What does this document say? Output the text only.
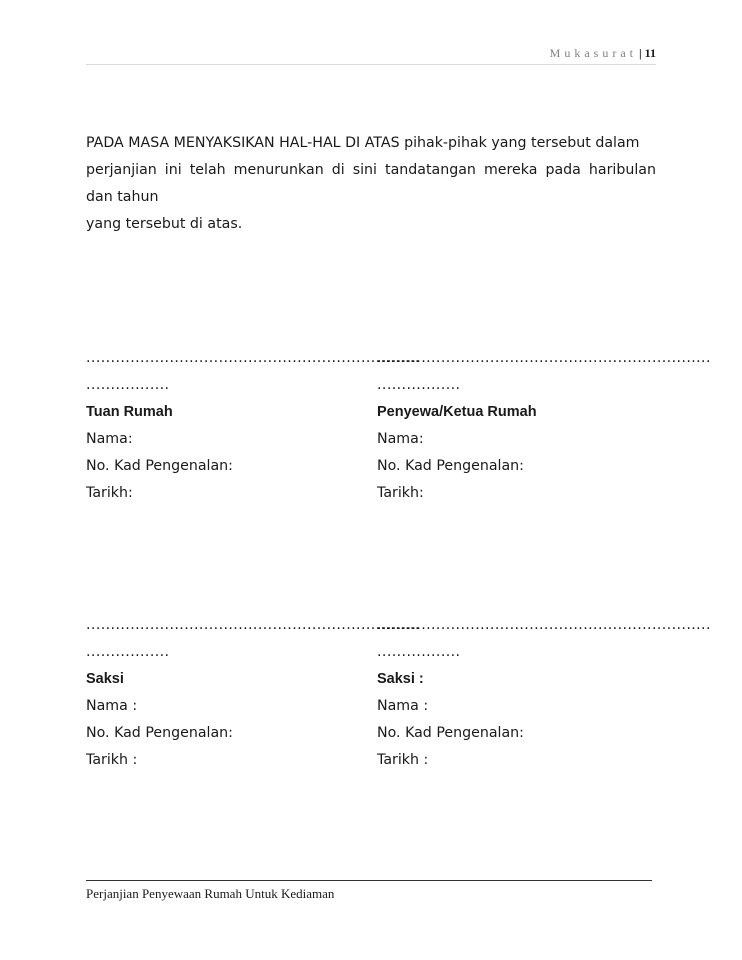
Mukasurat | 11

PADA MASA MENYAKSIKAN HAL-HAL DI ATAS pihak-pihak yang tersebut dalam
perjanjian ini telah menurunkan di sini tandatangan mereka pada haribulan
dan tahun
yang tersebut di atas.

....................................................................
.................
Tuan Rumah
Nama:
No. Kad Pengenalan:
Tarikh:
....................................................................
.................
Penyewa/Ketua Rumah
Nama:
No. Kad Pengenalan:
Tarikh:
....................................................................
.................
Saksi
Nama :
No. Kad Pengenalan:
Tarikh :
....................................................................
.................
Saksi :
Nama :
No. Kad Pengenalan:
Tarikh :
Perjanjian Penyewaan Rumah Untuk Kediaman
